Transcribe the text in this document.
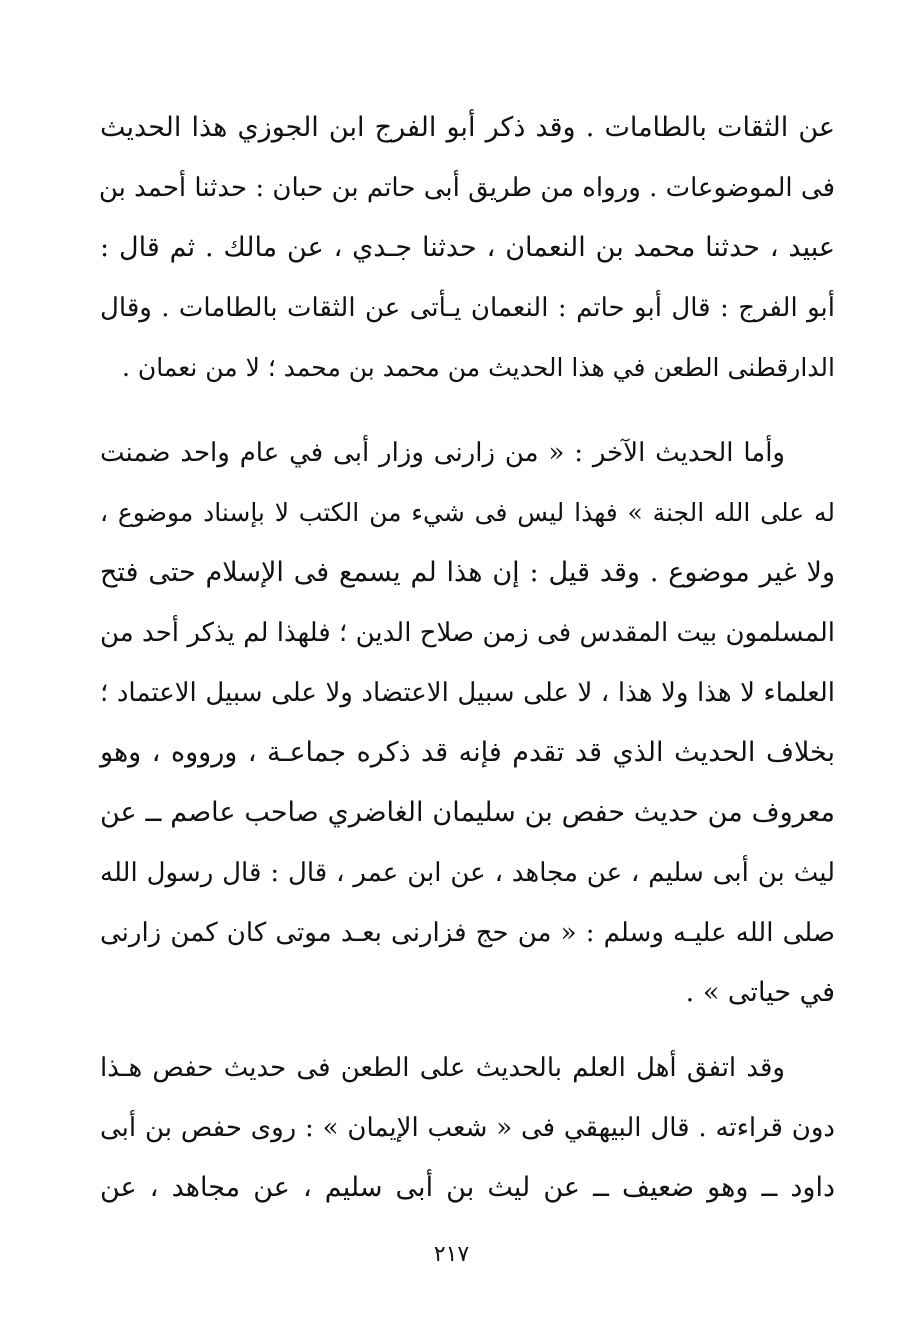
عن الثقات بالطامات . وقد ذكر أبو الفرج ابن الجوزي هذا الحديث
فى الموضوعات . ورواه من طريق أبى حاتم بن حبان : حدثنا أحمد بن
عبيد ، حدثنا محمد بن النعمان ، حدثنا جـدي ، عن مالك . ثم قال :
أبو الفرج : قال أبو حاتم : النعمان يـأتى عن الثقات بالطامات . وقال
الدارقطنى الطعن في هذا الحديث من محمد بن محمد ؛ لا من نعمان .
وأما الحديث الآخر : « من زارنى وزار أبى في عام واحد ضمنت
له على الله الجنة » فهذا ليس فى شيء من الكتب لا بإسناد موضوع ،
ولا غير موضوع . وقد قيل : إن هذا لم يسمع فى الإسلام حتى فتح
المسلمون بيت المقدس فى زمن صلاح الدين ؛ فلهذا لم يذكر أحد من
العلماء لا هذا ولا هذا ، لا على سبيل الاعتضاد ولا على سبيل الاعتماد ؛
بخلاف الحديث الذي قد تقدم فإنه قد ذكره جماعـة ، ورووه ، وهو
معروف من حديث حفص بن سليمان الغاضري صاحب عاصم ــ عن
ليث بن أبى سليم ، عن مجاهد ، عن ابن عمر ، قال : قال رسول الله
صلى الله عليـه وسلم : « من حج فزارنى بعـد موتى كان كمن زارنى
في حياتى » .
وقد اتفق أهل العلم بالحديث على الطعن فى حديث حفص هـذا
دون قراءته . قال البيهقي فى « شعب الإيمان » : روى حفص بن أبى
داود ــ وهو ضعيف ــ عن ليث بن أبى سليم ، عن مجاهد ، عن
٢١٧
